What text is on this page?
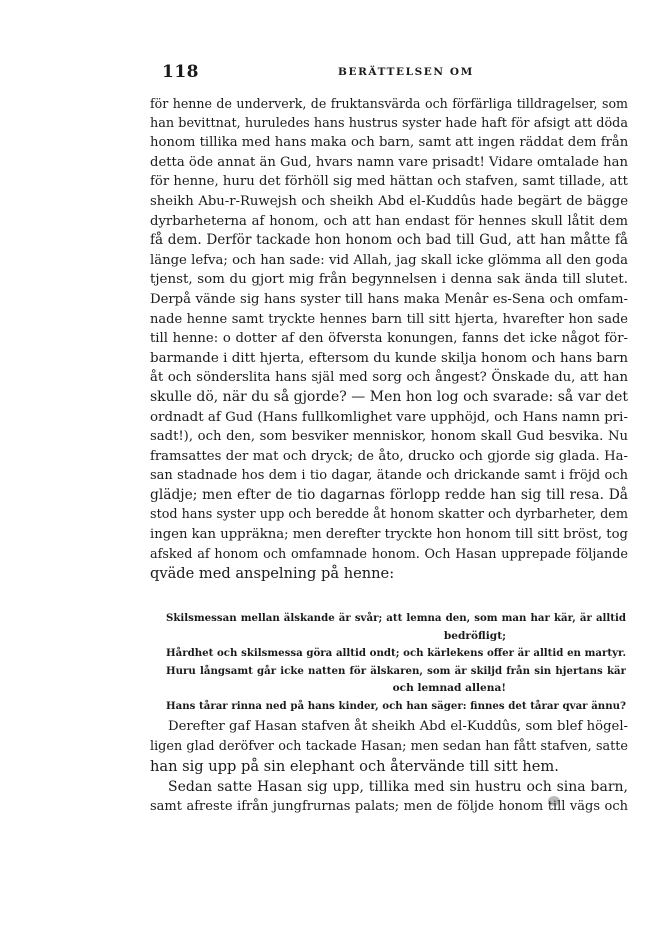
118	BERÄTTELSEN OM
för henne de underverk, de fruktansvärda och förfärliga tilldragelser, som
han bevittnat, huruledes hans hustrus syster hade haft för afsigt att döda
honom tillika med hans maka och barn, samt att ingen räddat dem från
detta öde annat än Gud, hvars namn vare prisadt! Vidare omtalade han
för henne, huru det förhöll sig med hättan och stafven, samt tillade, att
sheikh Abu-r-Ruwejsh och sheikh Abd el-Kuddûs hade begärt de bägge
dyrbarheterna af honom, och att han endast för hennes skull låtit dem
få dem. Derför tackade hon honom och bad till Gud, att han måtte få
länge lefva; och han sade: vid Allah, jag skall icke glömma all den goda
tjenst, som du gjort mig från begynnelsen i denna sak ända till slutet.
Derpå vände sig hans syster till hans maka Menâr es-Sena och omfam-
nade henne samt tryckte hennes barn till sitt hjerta, hvarefter hon sade
till henne: o dotter af den öfversta konungen, fanns det icke något för-
barmande i ditt hjerta, eftersom du kunde skilja honom och hans barn
åt och sönderslita hans själ med sorg och ångest? Önskade du, att han
skulle dö, när du så gjorde? — Men hon log och svarade: så var det
ordnadt af Gud (Hans fullkomlighet vare upphöjd, och Hans namn pri-
sadt!), och den, som besviker menniskor, honom skall Gud besvika. Nu
framsattes der mat och dryck; de åto, drucko och gjorde sig glada. Ha-
san stadnade hos dem i tio dagar, ätande och drickande samt i fröjd och
glädje; men efter de tio dagarnas förlopp redde han sig till resa. Då
stod hans syster upp och beredde åt honom skatter och dyrbarheter, dem
ingen kan uppräkna; men derefter tryckte hon honom till sitt bröst, tog
afsked af honom och omfamnade honom. Och Hasan upprepade följande
qväde med anspelning på henne:
Skilsmessan mellan älskande är svår; att lemna den, som man har kär, är alltid
bedröfligt;
Hårdhet och skilsmessa göra alltid ondt; och kärlekens offer är alltid en martyr.
Huru långsamt går icke natten för älskaren, som är skiljd från sin hjertans kär
och lemnad allena!
Hans tårar rinna ned på hans kinder, och han säger: finnes det tårar qvar ännu?
Derefter gaf Hasan stafven åt sheikh Abd el-Kuddûs, som blef högel-
ligen glad deröfver och tackade Hasan; men sedan han fått stafven, satte
han sig upp på sin elephant och återvände till sitt hem.
Sedan satte Hasan sig upp, tillika med sin hustru och sina barn,
samt afreste ifrån jungfrurnas palats; men de följde honom till vägs och
